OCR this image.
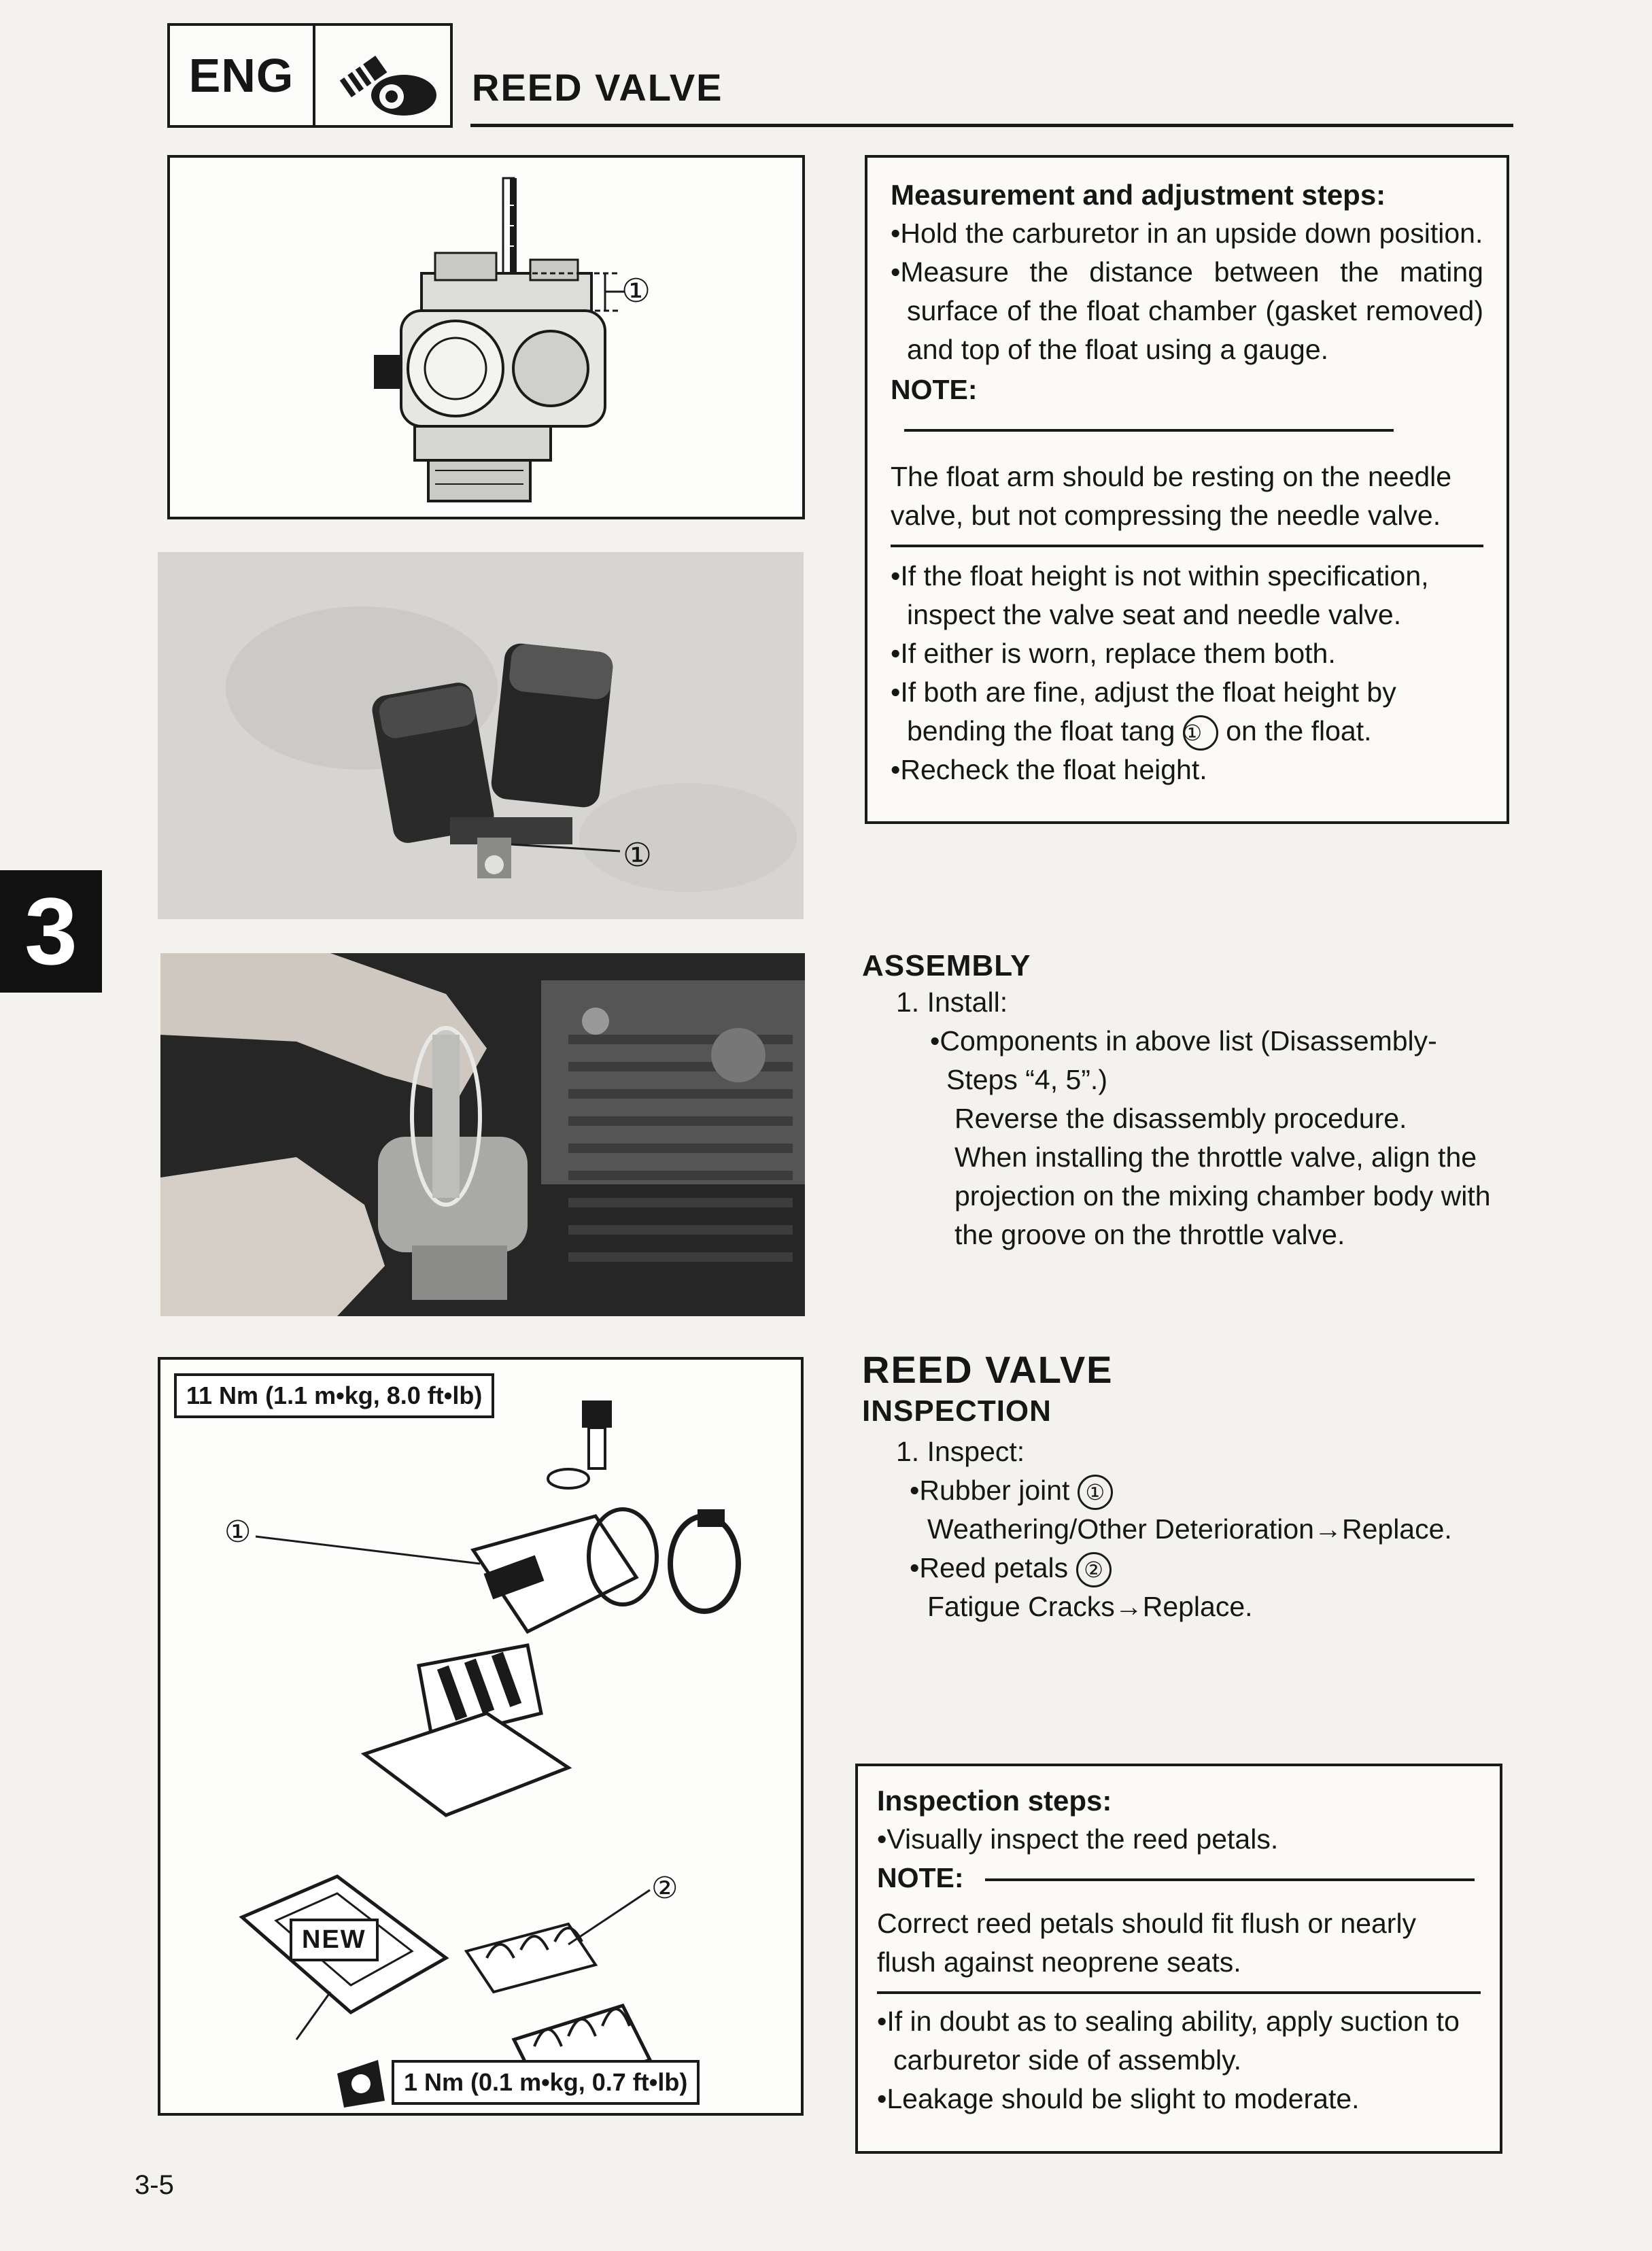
ENG	REED VALVE
3
①
①
11 Nm (1.1 m•kg, 8.0 ft•lb)
NEW
1 Nm (0.1 m•kg, 0.7 ft•lb)
①
②
Measurement and adjustment steps:
•Hold the carburetor in an upside down position.
•Measure the distance between the mating surface of the float chamber (gasket removed) and top of the float using a gauge.
NOTE:
The float arm should be resting on the needle valve, but not compressing the needle valve.
•If the float height is not within specification, inspect the valve seat and needle valve.
•If either is worn, replace them both.
•If both are fine, adjust the float height by bending the float tang ① on the float.
•Recheck the float height.
ASSEMBLY
1. Install:
•Components in above list (Disassembly-Steps “4, 5”.)
Reverse the disassembly procedure.
When installing the throttle valve, align the projection on the mixing chamber body with the groove on the throttle valve.
REED VALVE
INSPECTION
1. Inspect:
•Rubber joint ①
Weathering/Other Deterioration→Replace.
•Reed petals ②
Fatigue Cracks→Replace.
Inspection steps:
•Visually inspect the reed petals.
NOTE:
Correct reed petals should fit flush or nearly flush against neoprene seats.
•If in doubt as to sealing ability, apply suction to carburetor side of assembly.
•Leakage should be slight to moderate.
3-5
